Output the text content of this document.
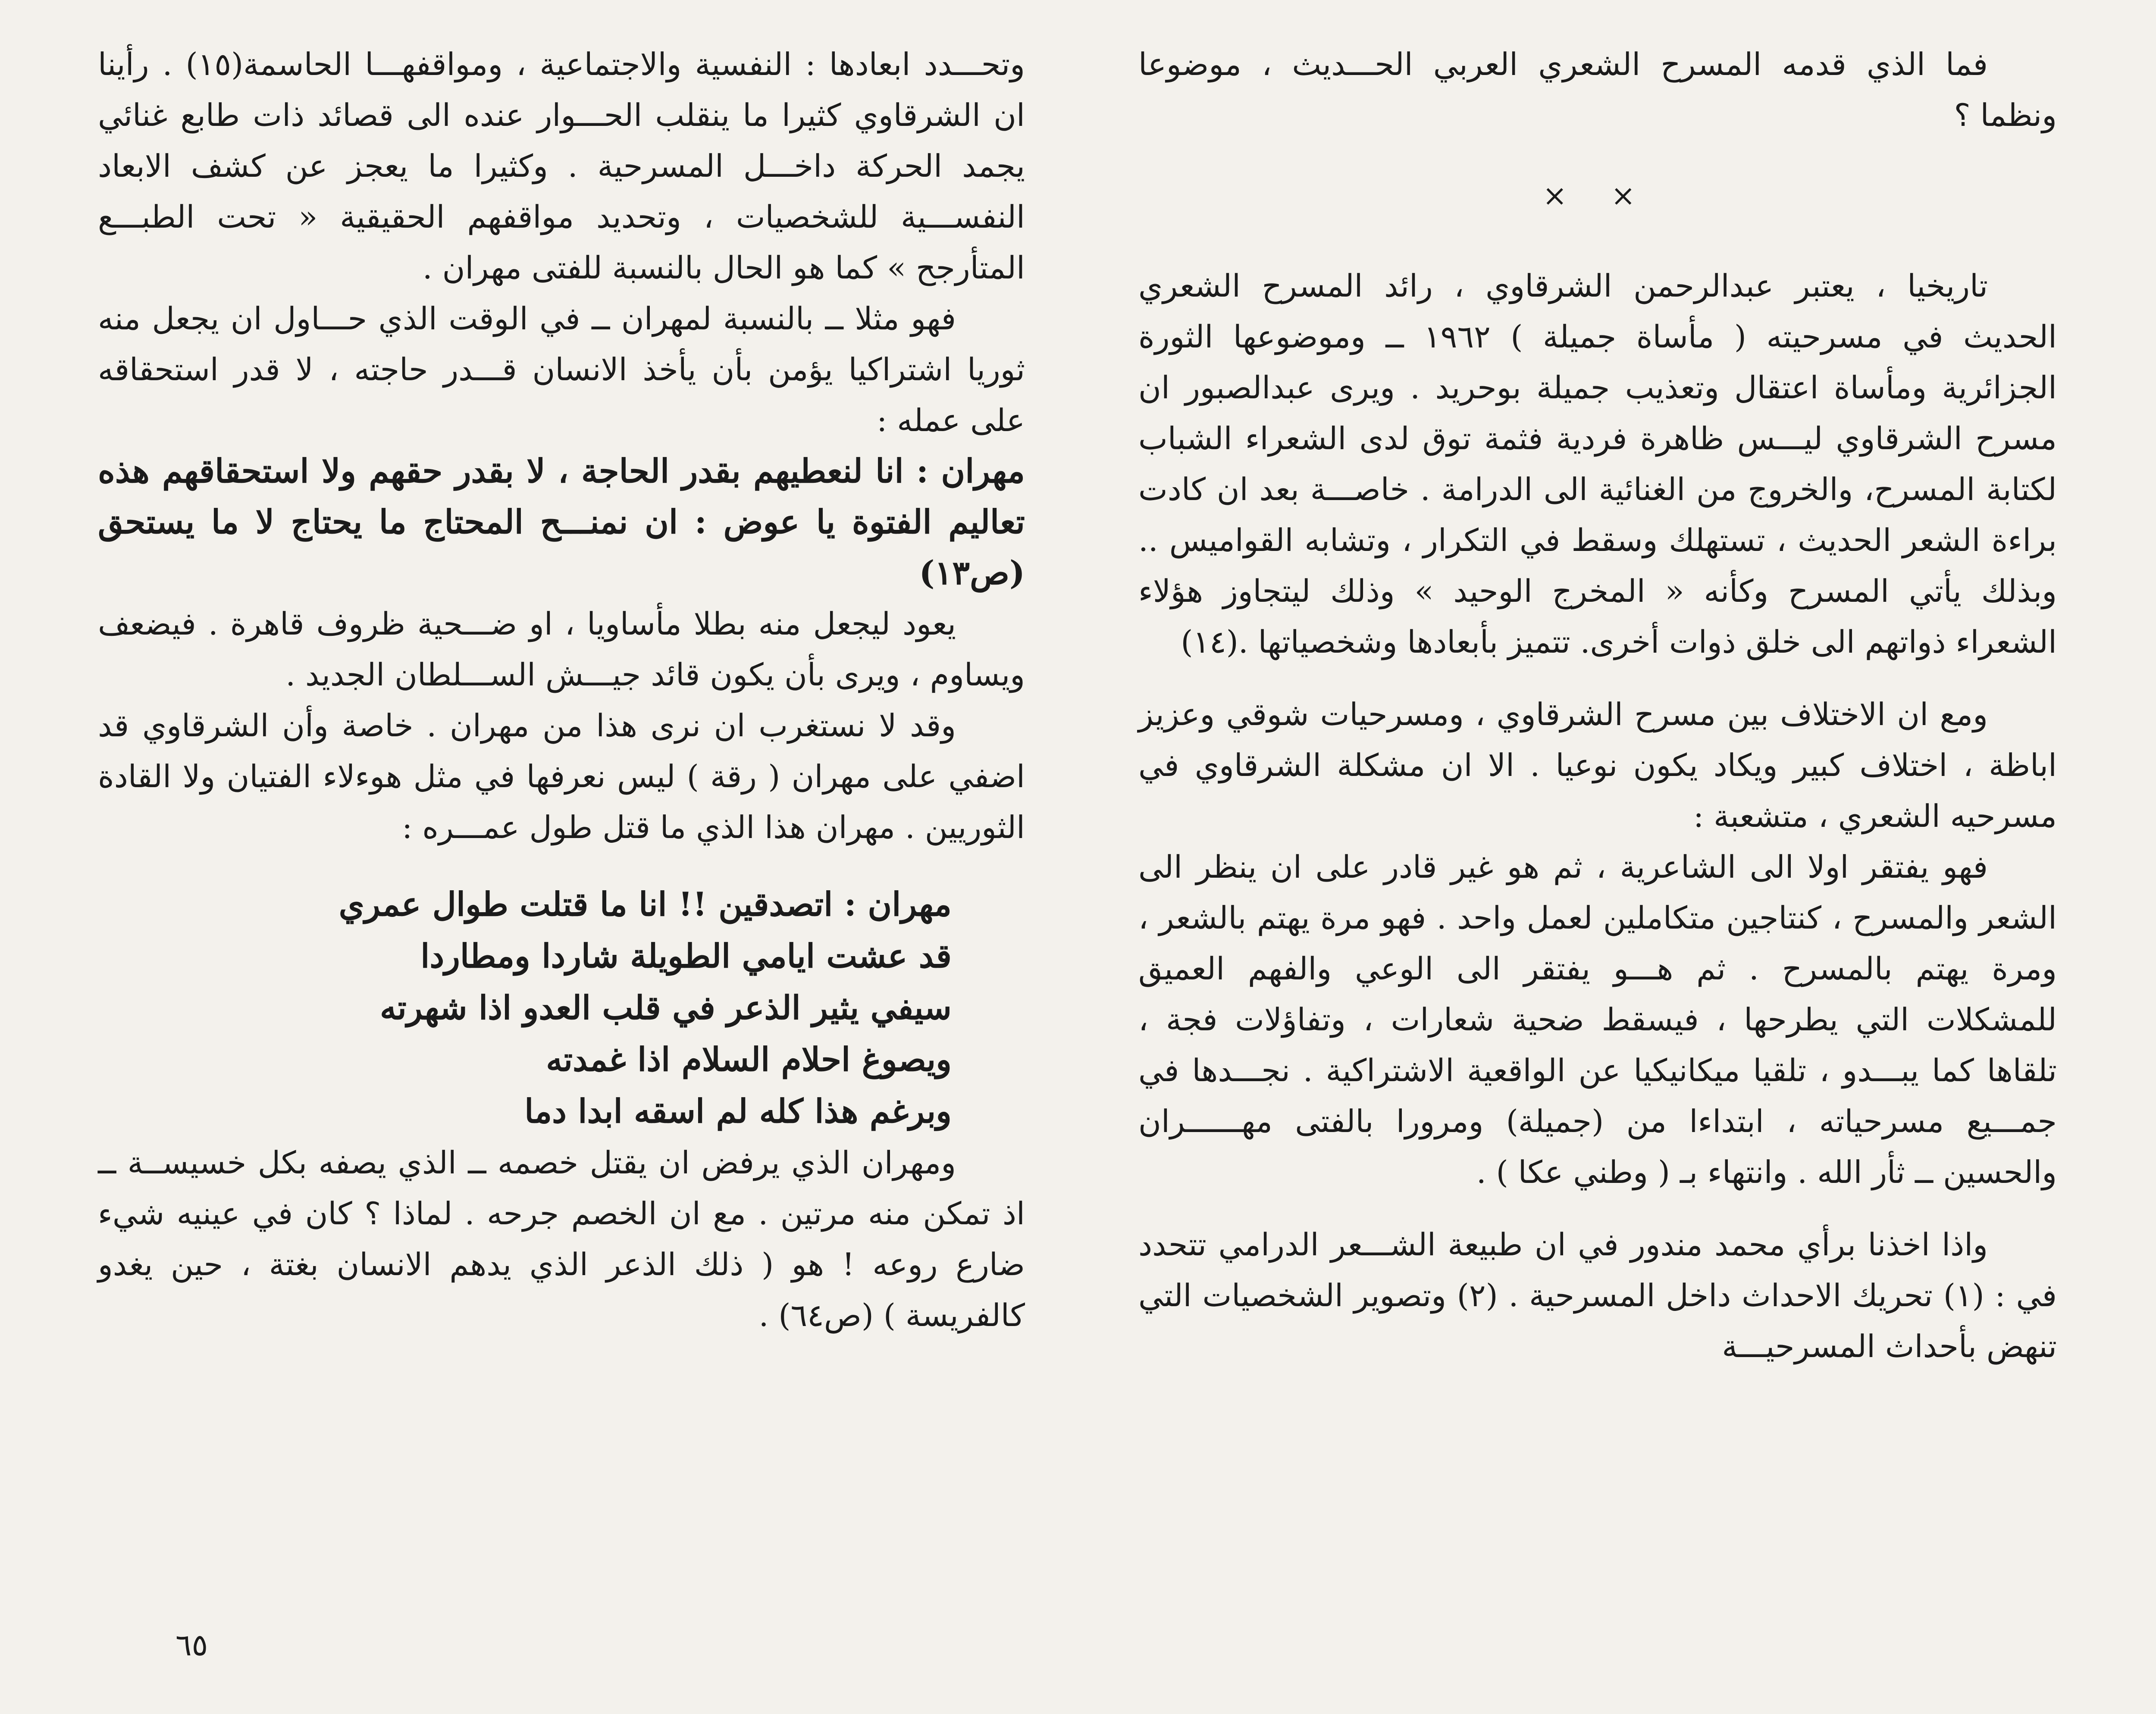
فما الذي قدمه المسرح الشعري العربي الحـــديث ، موضوعا ونظما ؟

× ×

تاريخيا ، يعتبر عبدالرحمن الشرقاوي ، رائد المسرح الشعري الحديث في مسرحيته ( مأساة جميلة ) ١٩٦٢ ــ وموضوعها الثورة الجزائرية ومأساة اعتقال وتعذيب جميلة بوحريد . ويرى عبدالصبور ان مسرح الشرقاوي ليـــس ظاهرة فردية فثمة توق لدى الشعراء الشباب لكتابة المسرح، والخروج من الغنائية الى الدرامة . خاصـــة بعد ان كادت براءة الشعر الحديث ، تستهلك وسقط في التكرار ، وتشابه القواميس .. وبذلك يأتي المسرح وكأنه « المخرج الوحيد » وذلك ليتجاوز هؤلاء الشعراء ذواتهم الى خلق ذوات أخرى. تتميز بأبعادها وشخصياتها .(١٤)

ومع ان الاختلاف بين مسرح الشرقاوي ، ومسرحيات شوقي وعزيز اباظة ، اختلاف كبير ويكاد يكون نوعيا . الا ان مشكلة الشرقاوي في مسرحيه الشعري ، متشعبة :

فهو يفتقر اولا الى الشاعرية ، ثم هو غير قادر على ان ينظر الى الشعر والمسرح ، كنتاجين متكاملين لعمل واحد . فهو مرة يهتم بالشعر ، ومرة يهتم بالمسرح . ثم هـــو يفتقر الى الوعي والفهم العميق للمشكلات التي يطرحها ، فيسقط ضحية شعارات ، وتفاؤلات فجة ، تلقاها كما يبـــدو ، تلقيا ميكانيكيا عن الواقعية الاشتراكية . نجـــدها في جمـــيع مسرحياته ، ابتداءا من (جميلة) ومرورا بالفتى مهــــــران والحسين ــ ثأر الله . وانتهاء بـ ( وطني عكا ) .

واذا اخذنا برأي محمد مندور في ان طبيعة الشـــعر الدرامي تتحدد في : (١) تحريك الاحداث داخل المسرحية . (٢) وتصوير الشخصيات التي تنهض بأحداث المسرحيـــة

وتحـــدد ابعادها : النفسية والاجتماعية ، ومواقفهـــا الحاسمة(١٥) . رأينا ان الشرقاوي كثيرا ما ينقلب الحـــوار عنده الى قصائد ذات طابع غنائي يجمد الحركة داخـــل المسرحية . وكثيرا ما يعجز عن كشف الابعاد النفســـية للشخصيات ، وتحديد مواقفهم الحقيقية « تحت الطبـــع المتأرجح » كما هو الحال بالنسبة للفتى مهران .

فهو مثلا ــ بالنسبة لمهران ــ في الوقت الذي حـــاول ان يجعل منه ثوريا اشتراكيا يؤمن بأن يأخذ الانسان قـــدر حاجته ، لا قدر استحقاقه على عمله :

مهران : انا لنعطيهم بقدر الحاجة ، لا بقدر حقهم ولا استحقاقهم هذه تعاليم الفتوة يا عوض : ان نمنـــح المحتاج ما يحتاج لا ما يستحق (ص١٣)

يعود ليجعل منه بطلا مأساويا ، او ضـــحية ظروف قاهرة . فيضعف ويساوم ، ويرى بأن يكون قائد جيـــش الســـلطان الجديد .

وقد لا نستغرب ان نرى هذا من مهران . خاصة وأن الشرقاوي قد اضفي على مهران ( رقة ) ليس نعرفها في مثل هوءلاء الفتيان ولا القادة الثوريين . مهران هذا الذي ما قتل طول عمـــره :

مهران : اتصدقين !! انا ما قتلت طوال عمري
قد عشت ايامي الطويلة شاردا ومطاردا
سيفي يثير الذعر في قلب العدو اذا شهرته
ويصوغ احلام السلام اذا غمدته
وبرغم هذا كله لم اسقه ابدا دما

ومهران الذي يرفض ان يقتل خصمه ــ الذي يصفه بكل خسيســة ــ اذ تمكن منه مرتين . مع ان الخصم جرحه . لماذا ؟ كان في عينيه شيء ضارع روعه ! هو ( ذلك الذعر الذي يدهم الانسان بغتة ، حين يغدو كالفريسة ) (ص٦٤) .

٦٥
